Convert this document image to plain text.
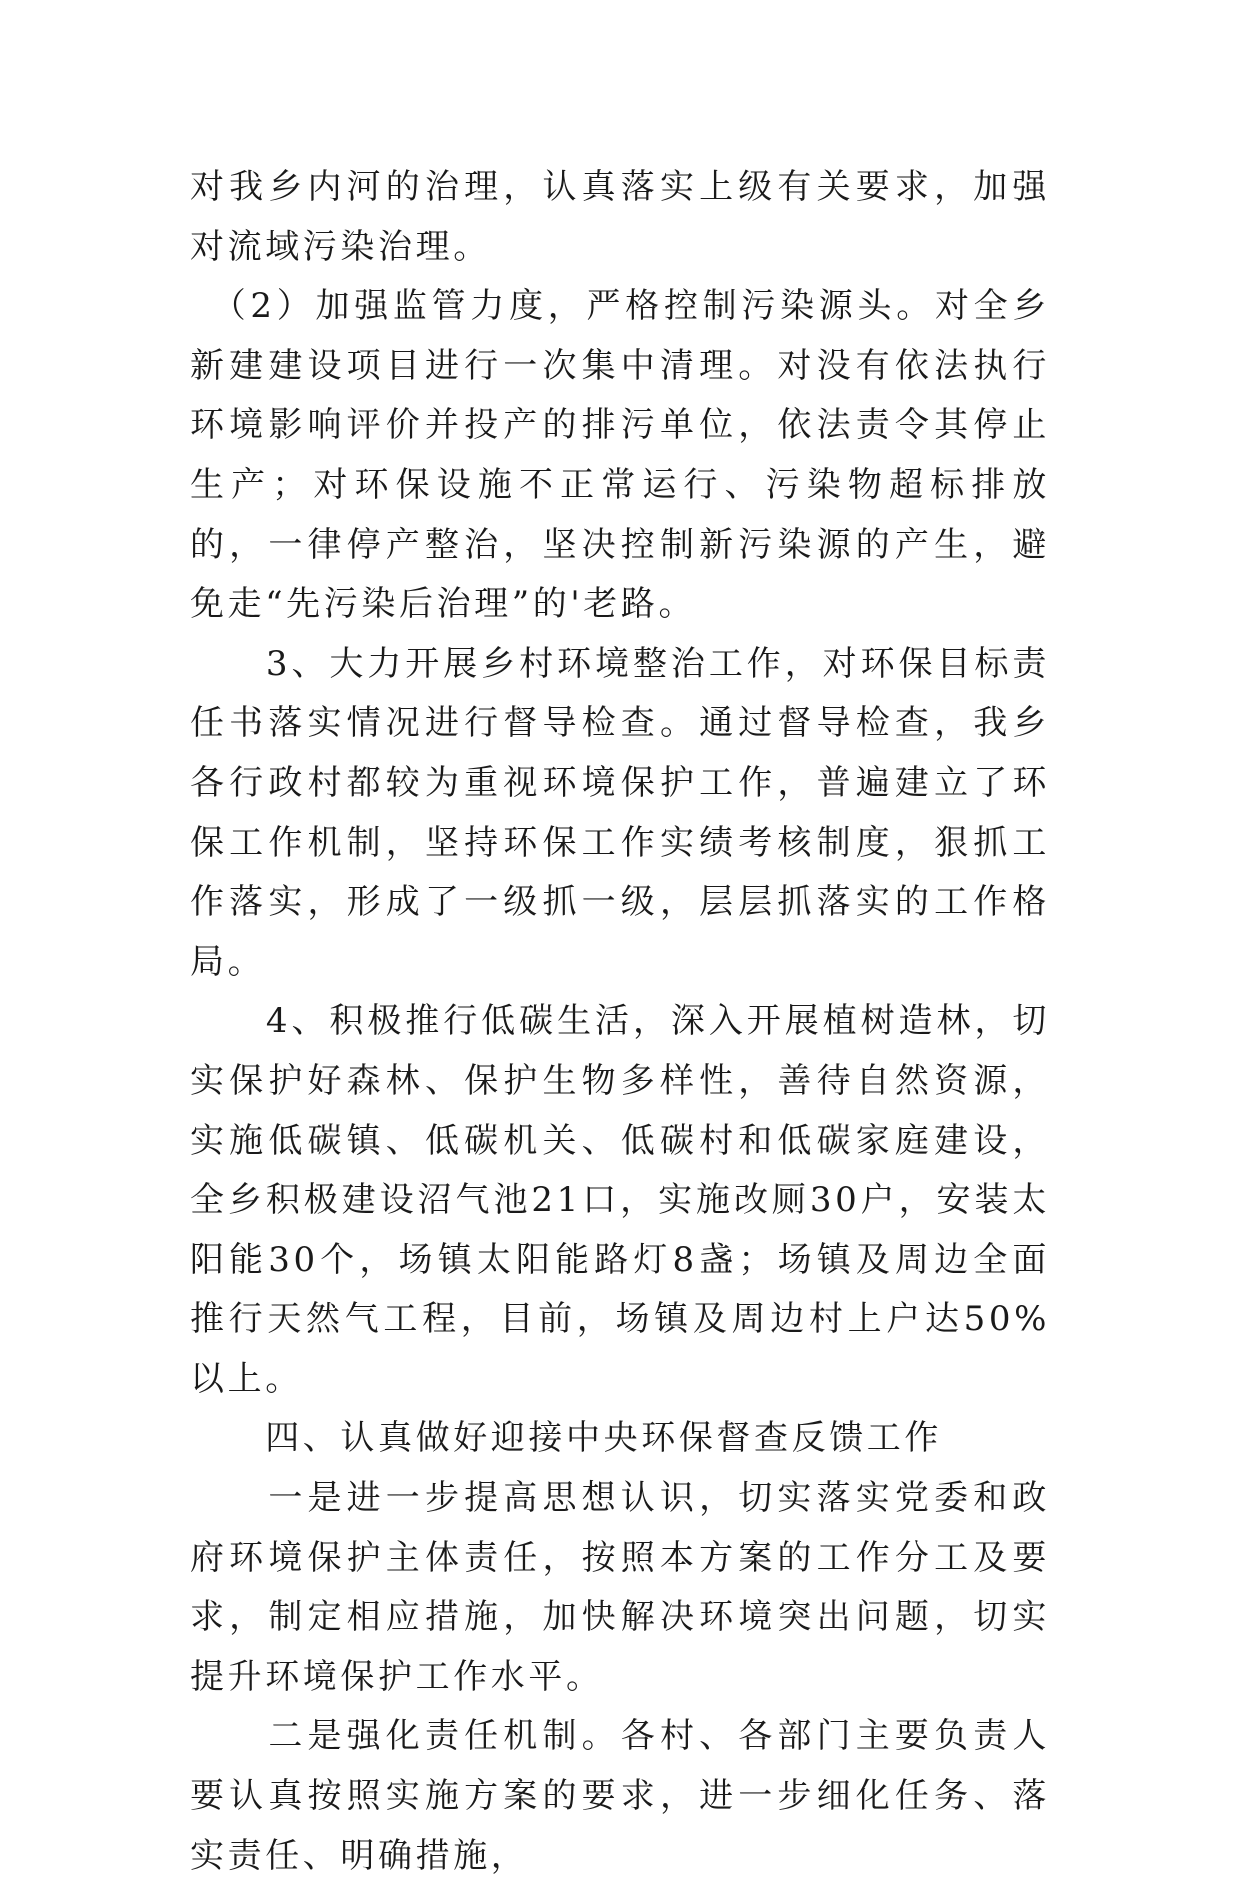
对我乡内河的治理，认真落实上级有关要求，加强对流域污染治理。

　（2）加强监管力度，严格控制污染源头。对全乡新建建设项目进行一次集中清理。对没有依法执行环境影响评价并投产的排污单位，依法责令其停止生产；对环保设施不正常运行、污染物超标排放的，一律停产整治，坚决控制新污染源的产生，避免走“先污染后治理”的'老路。

　　3、大力开展乡村环境整治工作，对环保目标责任书落实情况进行督导检查。通过督导检查，我乡各行政村都较为重视环境保护工作，普遍建立了环保工作机制，坚持环保工作实绩考核制度，狠抓工作落实，形成了一级抓一级，层层抓落实的工作格局。

　　4、积极推行低碳生活，深入开展植树造林，切实保护好森林、保护生物多样性，善待自然资源，实施低碳镇、低碳机关、低碳村和低碳家庭建设，全乡积极建设沼气池21口，实施改厕30户，安装太阳能30个，场镇太阳能路灯8盏；场镇及周边全面推行天然气工程，目前，场镇及周边村上户达50%以上。

　　四、认真做好迎接中央环保督查反馈工作

　　一是进一步提高思想认识，切实落实党委和政府环境保护主体责任，按照本方案的工作分工及要求，制定相应措施，加快解决环境突出问题，切实提升环境保护工作水平。

　　二是强化责任机制。各村、各部门主要负责人要认真按照实施方案的要求，进一步细化任务、落实责任、明确措施，
